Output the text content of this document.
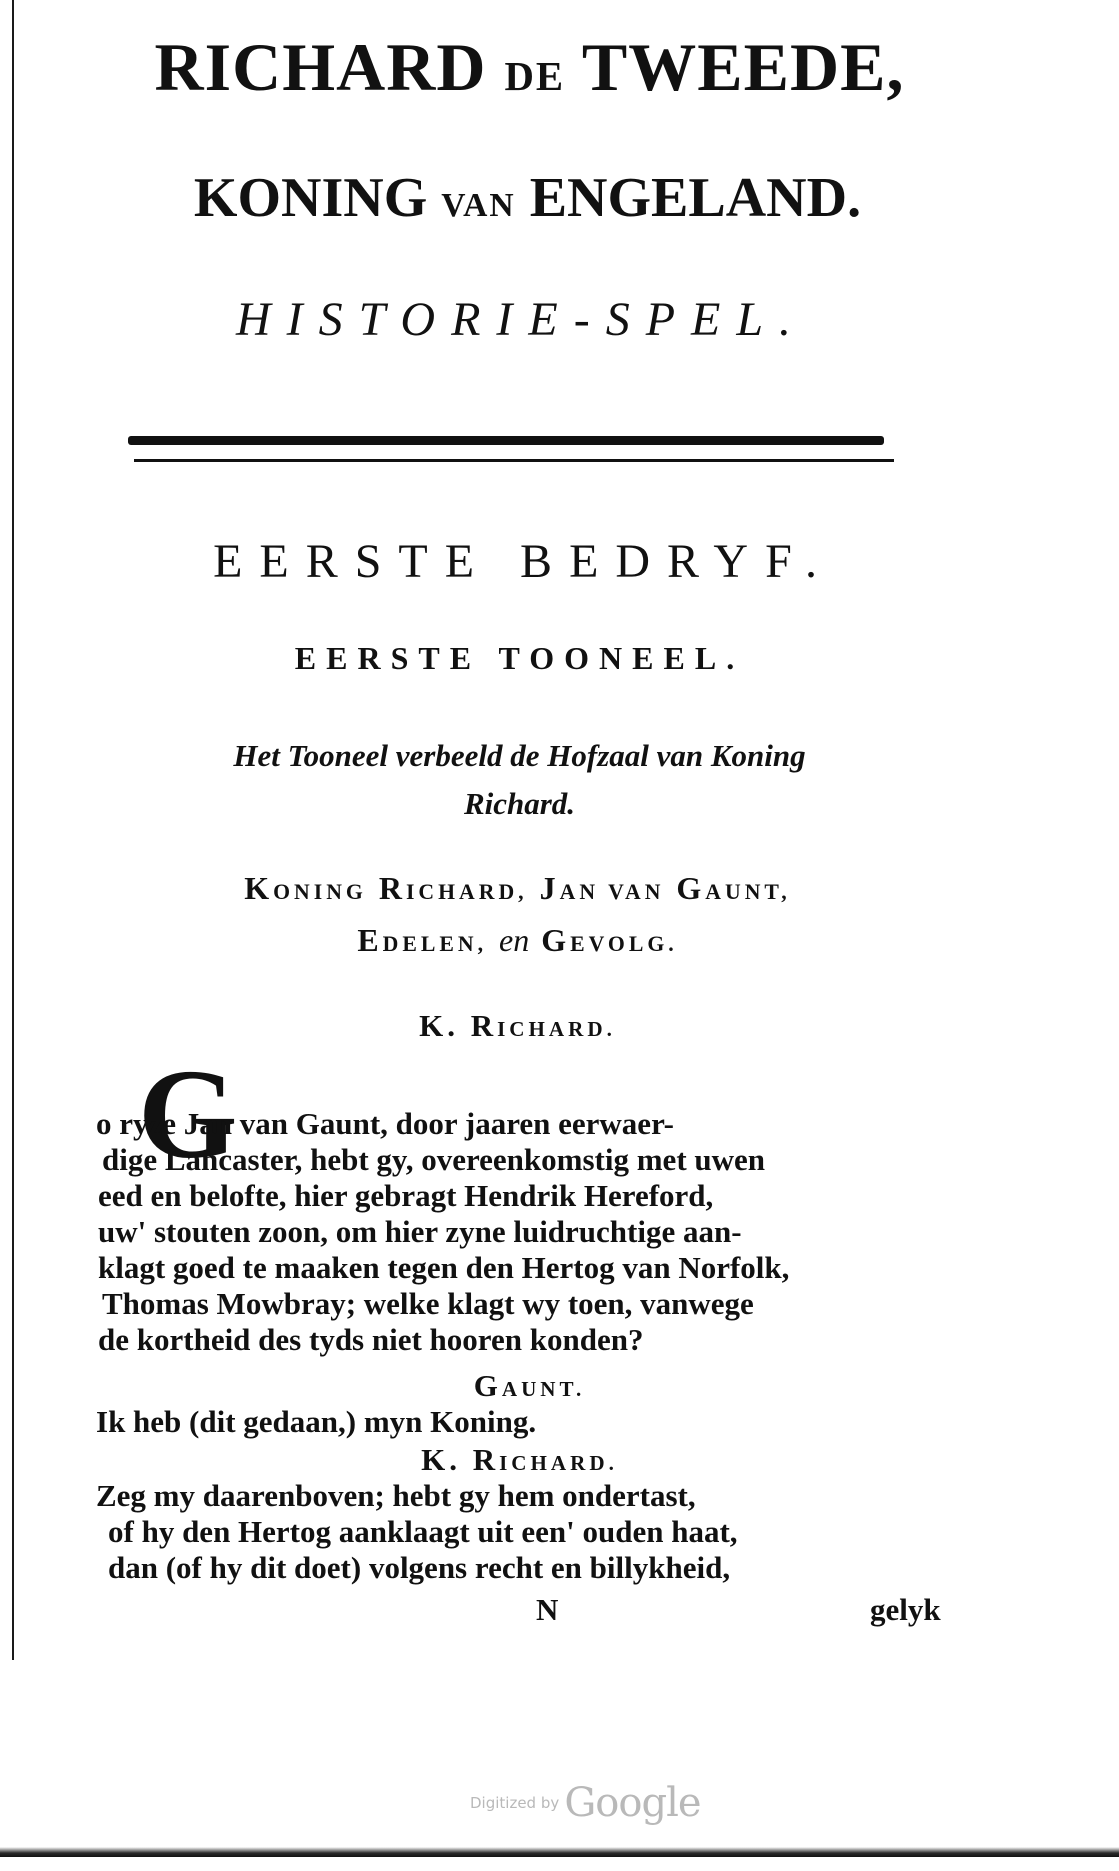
RICHARD DE TWEEDE,
KONING VAN ENGELAND.
HISTORIE-SPEL.
EERSTE BEDRYF.
EERSTE TOONEEL.
Het Tooneel verbeeld de Hofzaal van Koning
Richard.
KONING RICHARD, JAN VAN GAUNT,
EDELEN, en GEVOLG.
K. RICHARD.
G
o ryze Jan van Gaunt, door jaaren eerwaer-
dige Lancaster, hebt gy, overeenkomstig met uwen
eed en belofte, hier gebragt Hendrik Hereford,
uw' stouten zoon, om hier zyne luidruchtige aan-
klagt goed te maaken tegen den Hertog van Norfolk,
Thomas Mowbray; welke klagt wy toen, vanwege
de kortheid des tyds niet hooren konden?
GAUNT.
Ik heb (dit gedaan,) myn Koning.
K. RICHARD.
Zeg my daarenboven; hebt gy hem ondertast,
of hy den Hertog aanklaagt uit een' ouden haat,
dan (of hy dit doet) volgens recht en billykheid,
N	gelyk
Digitized by Google
